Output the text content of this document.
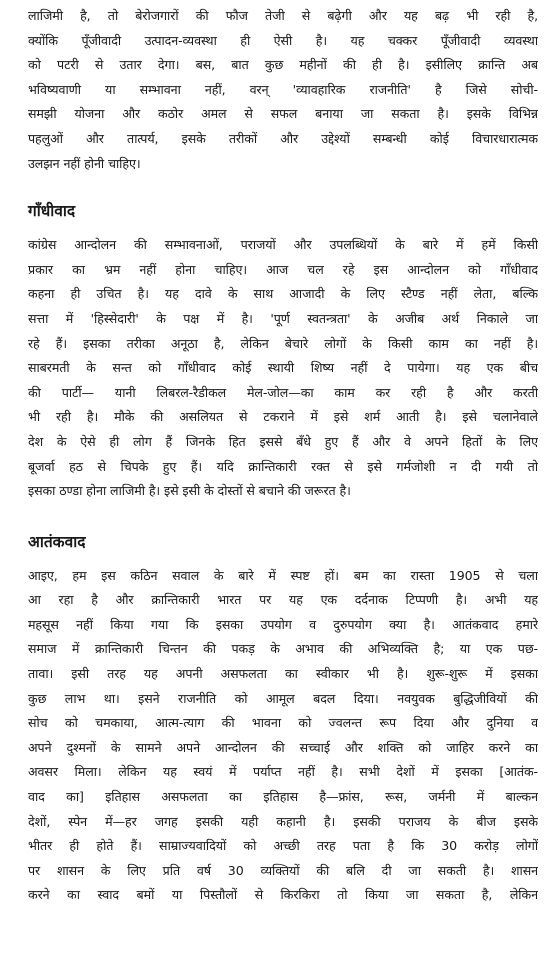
लाजिमी है, तो बेरोजगारों की फौज तेजी से बढ़ेगी और यह बढ़ भी रही है,
क्योंकि पूँजीवादी उत्पादन-व्यवस्था ही ऐसी है। यह चक्कर पूँजीवादी व्यवस्था
को पटरी से उतार देगा। बस, बात कुछ महीनों की ही है। इसीलिए क्रान्ति अब
भविष्यवाणी या सम्भावना नहीं, वरन् 'व्यावहारिक राजनीति' है जिसे सोची-
समझी योजना और कठोर अमल से सफल बनाया जा सकता है। इसके विभिन्न
पहलुओं और तात्पर्य, इसके तरीकों और उद्देश्यों सम्बन्धी कोई विचारधारात्मक
उलझन नहीं होनी चाहिए।
गाँधीवाद
कांग्रेस आन्दोलन की सम्भावनाओं, पराजयों और उपलब्धियों के बारे में हमें किसी
प्रकार का भ्रम नहीं होना चाहिए। आज चल रहे इस आन्दोलन को गाँधीवाद
कहना ही उचित है। यह दावे के साथ आजादी के लिए स्टैण्ड नहीं लेता, बल्कि
सत्ता में 'हिस्सेदारी' के पक्ष में है। 'पूर्ण स्वतन्त्रता' के अजीब अर्थ निकाले जा
रहे हैं। इसका तरीका अनूठा है, लेकिन बेचारे लोगों के किसी काम का नहीं है।
साबरमती के सन्त को गाँधीवाद कोई स्थायी शिष्य नहीं दे पायेगा। यह एक बीच
की पार्टी— यानी लिबरल-रैडीकल मेल-जोल—का काम कर रही है और करती
भी रही है। मौके की असलियत से टकराने में इसे शर्म आती है। इसे चलानेवाले
देश के ऐसे ही लोग हैं जिनके हित इससे बँधे हुए हैं और वे अपने हितों के लिए
बूजर्वा हठ से चिपके हुए हैं। यदि क्रान्तिकारी रक्त से इसे गर्मजोशी न दी गयी तो
इसका ठण्डा होना लाजिमी है। इसे इसी के दोस्तों से बचाने की जरूरत है।
आतंकवाद
आइए, हम इस कठिन सवाल के बारे में स्पष्ट हों। बम का रास्ता 1905 से चला
आ रहा है और क्रान्तिकारी भारत पर यह एक दर्दनाक टिप्पणी है। अभी यह
महसूस नहीं किया गया कि इसका उपयोग व दुरुपयोग क्या है। आतंकवाद हमारे
समाज में क्रान्तिकारी चिन्तन की पकड़ के अभाव की अभिव्यक्ति है; या एक पछ-
तावा। इसी तरह यह अपनी असफलता का स्वीकार भी है। शुरू-शुरू में इसका
कुछ लाभ था। इसने राजनीति को आमूल बदल दिया। नवयुवक बुद्धिजीवियों की
सोच को चमकाया, आत्म-त्याग की भावना को ज्वलन्त रूप दिया और दुनिया व
अपने दुश्मनों के सामने अपने आन्दोलन की सच्चाई और शक्ति को जाहिर करने का
अवसर मिला। लेकिन यह स्वयं में पर्याप्त नहीं है। सभी देशों में इसका [आतंक-
वाद का] इतिहास असफलता का इतिहास है—फ्रांस, रूस, जर्मनी में बाल्कन
देशों, स्पेन में—हर जगह इसकी यही कहानी है। इसकी पराजय के बीज इसके
भीतर ही होते हैं। साम्राज्यवादियों को अच्छी तरह पता है कि 30 करोड़ लोगों
पर शासन के लिए प्रति वर्ष 30 व्यक्तियों की बलि दी जा सकती है। शासन
करने का स्वाद बमों या पिस्तौलों से किरकिरा तो किया जा सकता है, लेकिन
